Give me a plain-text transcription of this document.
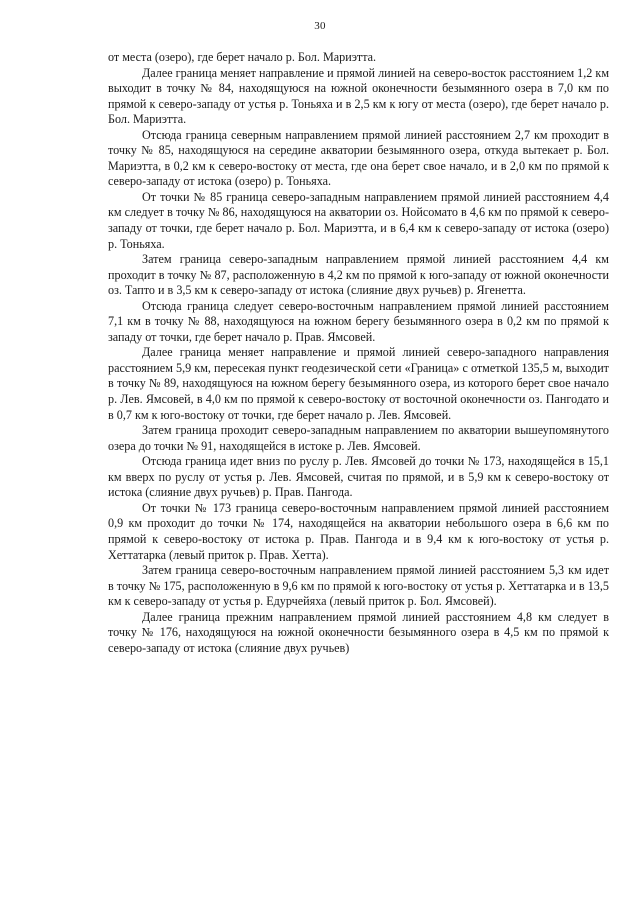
30

от места (озеро), где берет начало р. Бол. Мариэтта.

Далее граница меняет направление и прямой линией на северо-восток расстоянием 1,2 км выходит в точку № 84, находящуюся на южной оконечности безымянного озера в 7,0 км по прямой к северо-западу от устья р. Тоньяха и в 2,5 км к югу от места (озеро), где берет начало р. Бол. Мариэтта.

Отсюда граница северным направлением прямой линией расстоянием 2,7 км проходит в точку № 85, находящуюся на середине акватории безымянного озера, откуда вытекает р. Бол. Мариэтта, в 0,2 км к северо-востоку от места, где она берет свое начало, и в 2,0 км по прямой к северо-западу от истока (озеро) р. Тоньяха.

От точки № 85 граница северо-западным направлением прямой линией расстоянием 4,4 км следует в точку № 86, находящуюся на акватории оз. Нойсомато в 4,6 км по прямой к северо-западу от точки, где берет начало р. Бол. Мариэтта, и в 6,4 км к северо-западу от истока (озеро) р. Тоньяха.

Затем граница северо-западным направлением прямой линией расстоянием 4,4 км проходит в точку № 87, расположенную в 4,2 км по прямой к юго-западу от южной оконечности оз. Тапто и в 3,5 км к северо-западу от истока (слияние двух ручьев) р. Ягенетта.

Отсюда граница следует северо-восточным направлением прямой линией расстоянием 7,1 км в точку № 88, находящуюся на южном берегу безымянного озера в 0,2 км по прямой к западу от точки, где берет начало р. Прав. Ямсовей.

Далее граница меняет направление и прямой линией северо-западного направления расстоянием 5,9 км, пересекая пункт геодезической сети «Граница» с отметкой 135,5 м, выходит в точку № 89, находящуюся на южном берегу безымянного озера, из которого берет свое начало р. Лев. Ямсовей, в 4,0 км по прямой к северо-востоку от восточной оконечности оз. Пангодато и в 0,7 км к юго-востоку от точки, где берет начало р. Лев. Ямсовей.

Затем граница проходит северо-западным направлением по акватории вышеупомянутого озера до точки № 91, находящейся в истоке р. Лев. Ямсовей.

Отсюда граница идет вниз по руслу р. Лев. Ямсовей до точки № 173, находящейся в 15,1 км вверх по руслу от устья р. Лев. Ямсовей, считая по прямой, и в 5,9 км к северо-востоку от истока (слияние двух ручьев) р. Прав. Пангода.

От точки № 173 граница северо-восточным направлением прямой линией расстоянием 0,9 км проходит до точки № 174, находящейся на акватории небольшого озера в 6,6 км по прямой к северо-востоку от истока р. Прав. Пангода и в 9,4 км к юго-востоку от устья р. Хеттатарка (левый приток р. Прав. Хетта).

Затем граница северо-восточным направлением прямой линией расстоянием 5,3 км идет в точку № 175, расположенную в 9,6 км по прямой к юго-востоку от устья р. Хеттатарка и в 13,5 км к северо-западу от устья р. Едурчейяха (левый приток р. Бол. Ямсовей).

Далее граница прежним направлением прямой линией расстоянием 4,8 км следует в точку № 176, находящуюся на южной оконечности безымянного озера в 4,5 км по прямой к северо-западу от истока (слияние двух ручьев)
